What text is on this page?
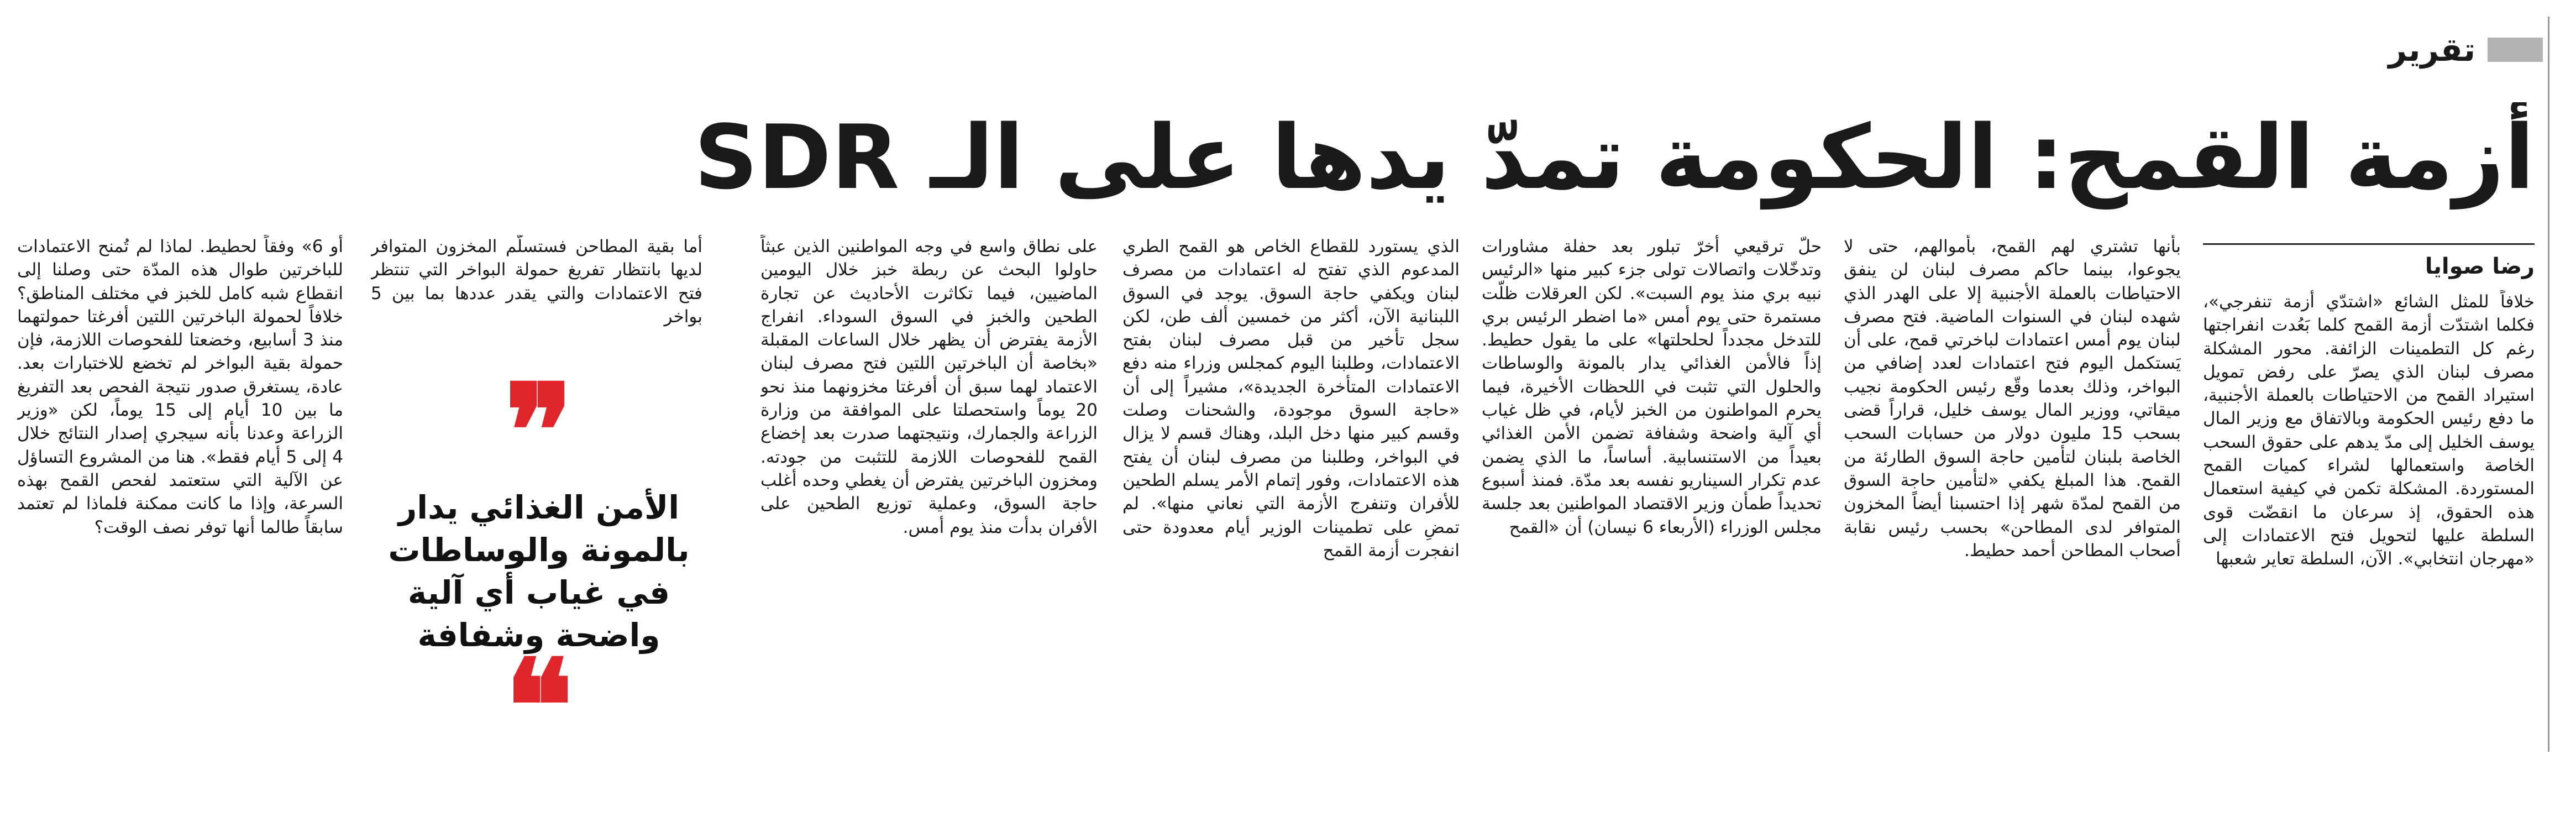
تقرير
أزمة القمح: الحكومة تمدّ يدها على الـ SDR
رضا صوايا

خلافاً للمثل الشائع «اشتدّي أزمة تنفرجي»، فكلما اشتدّت أزمة القمح كلما بَعُدت انفراجتها رغم كل التطمينات الزائفة. محور المشكلة مصرف لبنان الذي يصرّ على رفض تمويل استيراد القمح من الاحتياطات بالعملة الأجنبية، ما دفع رئيس الحكومة وبالاتفاق مع وزير المال يوسف الخليل إلى مدّ يدهم على حقوق السحب الخاصة واستعمالها لشراء كميات القمح المستوردة. المشكلة تكمن في كيفية استعمال هذه الحقوق، إذ سرعان ما انقضّت قوى السلطة عليها لتحويل فتح الاعتمادات إلى «مهرجان انتخابي». الآن، السلطة تعاير شعبها

بأنها تشتري لهم القمح، بأموالهم، حتى لا يجوعوا، بينما حاكم مصرف لبنان لن ينفق الاحتياطات بالعملة الأجنبية إلا على الهدر الذي شهده لبنان في السنوات الماضية. فتح مصرف لبنان يوم أمس اعتمادات لباخرتي قمح، على أن يَستكمل اليوم فتح اعتمادات لعدد إضافي من البواخر، وذلك بعدما وقّع رئيس الحكومة نجيب ميقاتي، ووزير المال يوسف خليل، قراراً قضى بسحب 15 مليون دولار من حسابات السحب الخاصة بلبنان لتأمين حاجة السوق الطارئة من القمح. هذا المبلغ يكفي «لتأمين حاجة السوق من القمح لمدّة شهر إذا احتسبنا أيضاً المخزون المتوافر لدى المطاحن» بحسب رئيس نقابة أصحاب المطاحن أحمد حطيط.

حلّ ترقيعي أخرّ تبلور بعد حفلة مشاورات وتدخّلات واتصالات تولى جزء كبير منها «الرئيس نبيه بري منذ يوم السبت». لكن العرقلات ظلّت مستمرة حتى يوم أمس «ما اضطر الرئيس بري للتدخل مجدداً لحلحلتها» على ما يقول حطيط. إذاً فالأمن الغذائي يدار بالمونة والوساطات والحلول التي تثبت في اللحظات الأخيرة، فيما يحرم المواطنون من الخبز لأيام، في ظل غياب أي آلية واضحة وشفافة تضمن الأمن الغذائي بعيداً من الاستنسابية. أساساً، ما الذي يضمن عدم تكرار السيناريو نفسه بعد مدّة. فمنذ أسبوع تحديداً طمأن وزير الاقتصاد المواطنين بعد جلسة مجلس الوزراء (الأربعاء 6 نيسان) أن «القمح

الذي يستورد للقطاع الخاص هو القمح الطري المدعوم الذي تفتح له اعتمادات من مصرف لبنان ويكفي حاجة السوق. يوجد في السوق اللبنانية الآن، أكثر من خمسين ألف طن، لكن سجل تأخير من قبل مصرف لبنان بفتح الاعتمادات، وطلبنا اليوم كمجلس وزراء منه دفع الاعتمادات المتأخرة الجديدة»، مشيراً إلى أن «حاجة السوق موجودة، والشحنات وصلت وقسم كبير منها دخل البلد، وهناك قسم لا يزال في البواخر، وطلبنا من مصرف لبنان أن يفتح هذه الاعتمادات، وفور إتمام الأمر يسلم الطحين للأفران وتنفرج الأزمة التي نعاني منها». لم تمضِ على تطمينات الوزير أيام معدودة حتى انفجرت أزمة القمح

على نطاق واسع في وجه المواطنين الذين عبثاً حاولوا البحث عن ربطة خبز خلال اليومين الماضيين، فيما تكاثرت الأحاديث عن تجارة الطحين والخبز في السوق السوداء. انفراج الأزمة يفترض أن يظهر خلال الساعات المقبلة «بخاصة أن الباخرتين اللتين فتح مصرف لبنان الاعتماد لهما سبق أن أفرغتا مخزونهما منذ نحو 20 يوماً واستحصلتا على الموافقة من وزارة الزراعة والجمارك، ونتيجتهما صدرت بعد إخضاع القمح للفحوصات اللازمة للتثبت من جودته. ومخزون الباخرتين يفترض أن يغطي وحده أغلب حاجة السوق، وعملية توزيع الطحين على الأفران بدأت منذ يوم أمس.

أما بقية المطاحن فستسلّم المخزون المتوافر لديها بانتظار تفريغ حمولة البواخر التي تنتظر فتح الاعتمادات والتي يقدر عددها بما بين 5 بواخر

أو 6» وفقاً لحطيط. لماذا لم تُمنح الاعتمادات للباخرتين طوال هذه المدّة حتى وصلنا إلى انقطاع شبه كامل للخبز في مختلف المناطق؟ خلافاً لحمولة الباخرتين اللتين أفرغتا حمولتهما منذ 3 أسابيع، وخضعتا للفحوصات اللازمة، فإن حمولة بقية البواخر لم تخضع للاختبارات بعد. عادة، يستغرق صدور نتيجة الفحص بعد التفريغ ما بين 10 أيام إلى 15 يوماً، لكن «وزير الزراعة وعدنا بأنه سيجري إصدار النتائج خلال 4 إلى 5 أيام فقط». هنا من المشروع التساؤل عن الآلية التي ستعتمد لفحص القمح بهذه السرعة، وإذا ما كانت ممكنة فلماذا لم تعتمد سابقاً طالما أنها توفر نصف الوقت؟

❞
الأمن الغذائي يدار بالمونة والوساطات في غياب أي آلية واضحة وشفافة
❝
